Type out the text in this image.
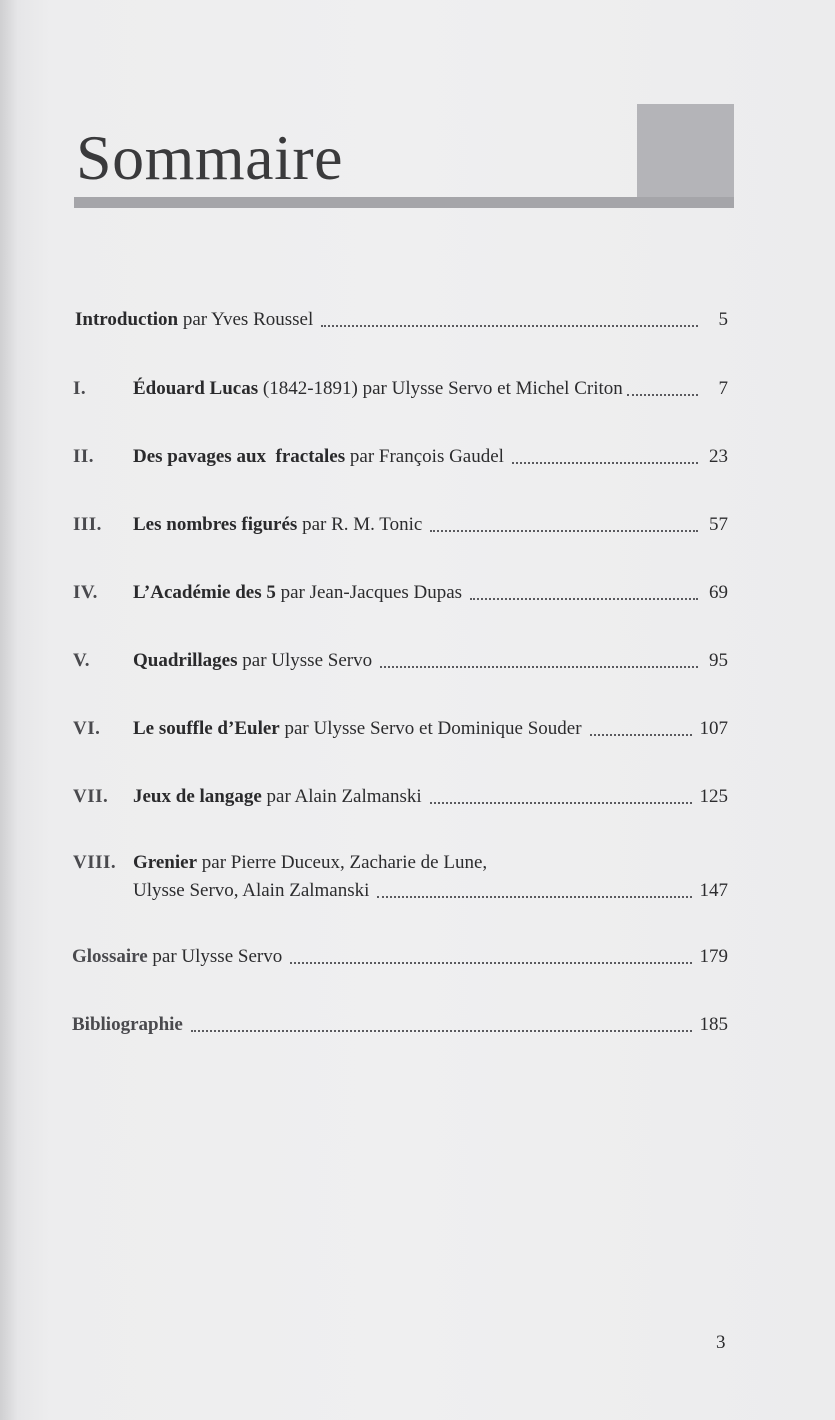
Sommaire
Introduction par Yves Roussel	5
I.	Édouard Lucas (1842-1891) par Ulysse Servo et Michel Criton	7
II.	Des pavages aux  fractales par François Gaudel	23
III.	Les nombres figurés par R. M. Tonic	57
IV.	L’Académie des 5 par Jean-Jacques Dupas	69
V.	Quadrillages par Ulysse Servo	95
VI.	Le souffle d’Euler par Ulysse Servo et Dominique Souder	107
VII.	Jeux de langage par Alain Zalmanski	125
VIII. Grenier par Pierre Duceux, Zacharie de Lune,
Ulysse Servo, Alain Zalmanski	147
Glossaire par Ulysse Servo	179
Bibliographie	185
3
